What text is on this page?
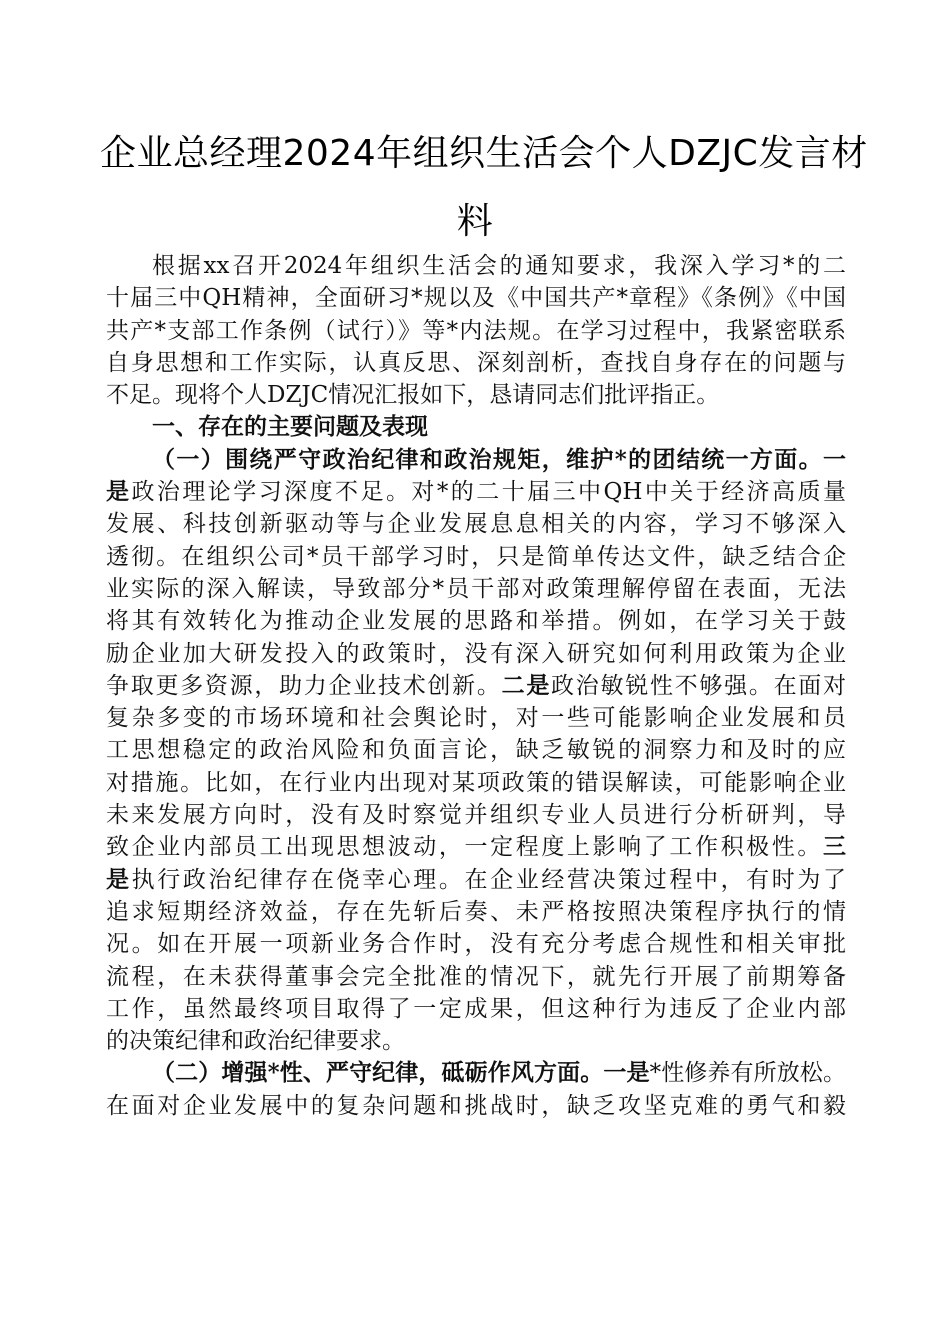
企业总经理2024年组织生活会个人DZJC发言材
料
根据xx召开2024年组织生活会的通知要求，我深入学习*的二
十届三中QH精神，全面研习*规以及《中国共产*章程》《条例》《中国
共产*支部工作条例（试行）》等*内法规。在学习过程中，我紧密联系
自身思想和工作实际，认真反思、深刻剖析，查找自身存在的问题与
不足。现将个人DZJC情况汇报如下，恳请同志们批评指正。
一、存在的主要问题及表现
（一）围绕严守政治纪律和政治规矩，维护*的团结统一方面。一
是政治理论学习深度不足。对*的二十届三中QH中关于经济高质量
发展、科技创新驱动等与企业发展息息相关的内容，学习不够深入
透彻。在组织公司*员干部学习时，只是简单传达文件，缺乏结合企
业实际的深入解读，导致部分*员干部对政策理解停留在表面，无法
将其有效转化为推动企业发展的思路和举措。例如，在学习关于鼓
励企业加大研发投入的政策时，没有深入研究如何利用政策为企业
争取更多资源，助力企业技术创新。二是政治敏锐性不够强。在面对
复杂多变的市场环境和社会舆论时，对一些可能影响企业发展和员
工思想稳定的政治风险和负面言论，缺乏敏锐的洞察力和及时的应
对措施。比如，在行业内出现对某项政策的错误解读，可能影响企业
未来发展方向时，没有及时察觉并组织专业人员进行分析研判，导
致企业内部员工出现思想波动，一定程度上影响了工作积极性。三
是执行政治纪律存在侥幸心理。在企业经营决策过程中，有时为了
追求短期经济效益，存在先斩后奏、未严格按照决策程序执行的情
况。如在开展一项新业务合作时，没有充分考虑合规性和相关审批
流程，在未获得董事会完全批准的情况下，就先行开展了前期筹备
工作，虽然最终项目取得了一定成果，但这种行为违反了企业内部
的决策纪律和政治纪律要求。
（二）增强*性、严守纪律，砥砺作风方面。一是*性修养有所放松。
在面对企业发展中的复杂问题和挑战时，缺乏攻坚克难的勇气和毅
